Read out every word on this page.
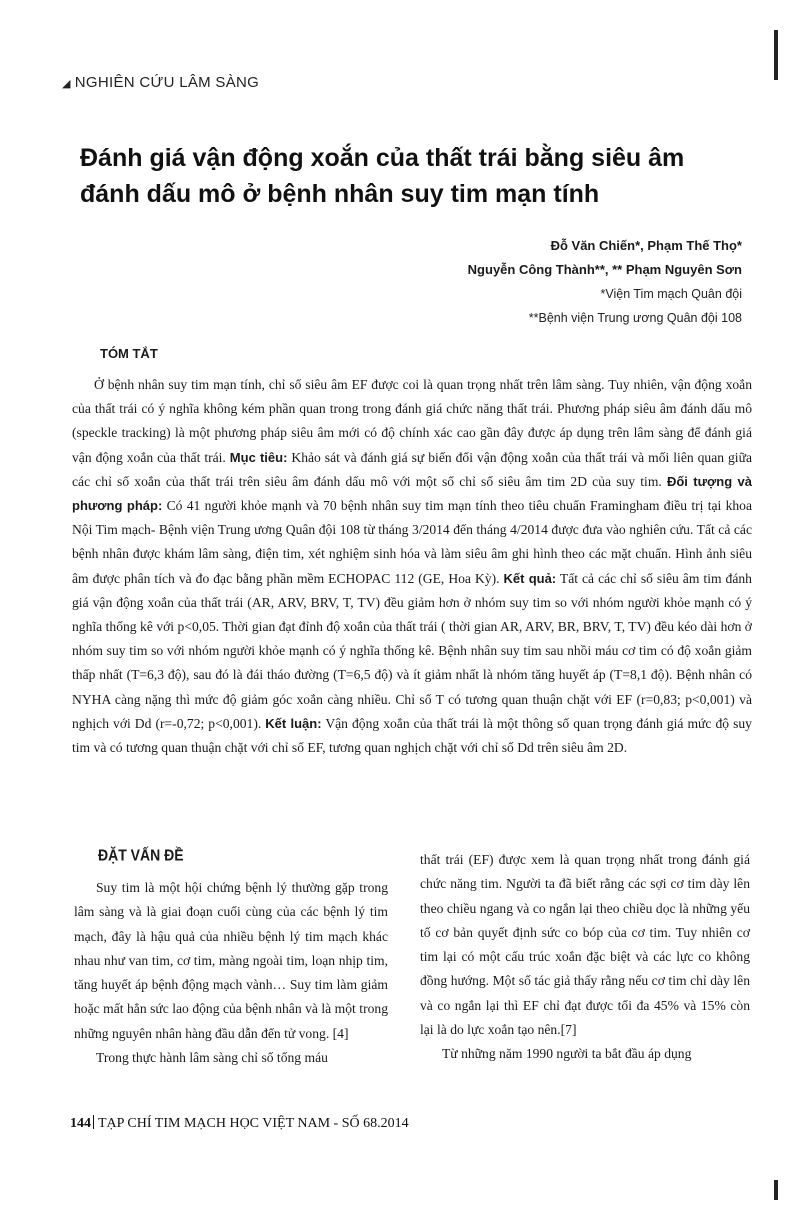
◢ NGHIÊN CỨU LÂM SÀNG
Đánh giá vận động xoắn của thất trái bằng siêu âm đánh dấu mô ở bệnh nhân suy tim mạn tính
Đỗ Văn Chiến*, Phạm Thế Thọ*
Nguyễn Công Thành**, ** Phạm Nguyên Sơn
*Viện Tim mạch Quân đội
**Bệnh viện Trung ương Quân đội 108
TÓM TẮT
Ở bệnh nhân suy tim mạn tính, chỉ số siêu âm EF được coi là quan trọng nhất trên lâm sàng. Tuy nhiên, vận động xoắn của thất trái có ý nghĩa không kém phần quan trong trong đánh giá chức năng thất trái. Phương pháp siêu âm đánh dấu mô (speckle tracking) là một phương pháp siêu âm mới có độ chính xác cao gần đây được áp dụng trên lâm sàng để đánh giá vận động xoắn của thất trái. Mục tiêu: Khảo sát và đánh giá sự biến đổi vận động xoắn của thất trái và mối liên quan giữa các chỉ số xoắn của thất trái trên siêu âm đánh dấu mô với một số chỉ số siêu âm tim 2D của suy tim. Đối tượng và phương pháp: Có 41 người khỏe mạnh và 70 bệnh nhân suy tim mạn tính theo tiêu chuẩn Framingham điều trị tại khoa Nội Tim mạch- Bệnh viện Trung ương Quân đội 108 từ tháng 3/2014 đến tháng 4/2014 được đưa vào nghiên cứu. Tất cả các bệnh nhân được khám lâm sàng, điện tim, xét nghiệm sinh hóa và làm siêu âm ghi hình theo các mặt chuẩn. Hình ảnh siêu âm được phân tích và đo đạc bằng phần mềm ECHOPAC 112 (GE, Hoa Kỳ). Kết quả: Tất cả các chỉ số siêu âm tim đánh giá vận động xoắn của thất trái (AR, ARV, BRV, T, TV) đều giảm hơn ở nhóm suy tim so với nhóm người khỏe mạnh có ý nghĩa thống kê với p<0,05. Thời gian đạt đỉnh độ xoắn của thất trái ( thời gian AR, ARV, BR, BRV, T, TV) đều kéo dài hơn ở nhóm suy tim so với nhóm người khỏe mạnh có ý nghĩa thống kê. Bệnh nhân suy tim sau nhồi máu cơ tim có độ xoắn giảm thấp nhất (T=6,3 độ), sau đó là đái tháo đường (T=6,5 độ) và ít giảm nhất là nhóm tăng huyết áp (T=8,1 độ). Bệnh nhân có NYHA càng nặng thì mức độ giảm góc xoắn càng nhiều. Chỉ số T có tương quan thuận chặt với EF (r=0,83; p<0,001) và nghịch với Dd (r=-0,72; p<0,001). Kết luận: Vận động xoắn của thất trái là một thông số quan trọng đánh giá mức độ suy tim và có tương quan thuận chặt với chỉ số EF, tương quan nghịch chặt với chỉ số Dd trên siêu âm 2D.
ĐẶT VẤN ĐỀ

Suy tim là một hội chứng bệnh lý thường gặp trong lâm sàng và là giai đoạn cuối cùng của các bệnh lý tim mạch, đây là hậu quả của nhiều bệnh lý tim mạch khác nhau như van tim, cơ tim, màng ngoài tim, loạn nhịp tim, tăng huyết áp bệnh động mạch vành… Suy tim làm giảm hoặc mất hẳn sức lao động của bệnh nhân và là một trong những nguyên nhân hàng đầu dẫn đến tử vong. [4]

Trong thực hành lâm sàng chỉ số tống máu

thất trái (EF) được xem là quan trọng nhất trong đánh giá chức năng tim. Người ta đã biết rằng các sợi cơ tim dày lên theo chiều ngang và co ngắn lại theo chiều dọc là những yếu tố cơ bản quyết định sức co bóp của cơ tim. Tuy nhiên cơ tim lại có một cấu trúc xoắn đặc biệt và các lực co không đồng hướng. Một số tác giả thấy rằng nếu cơ tim chỉ dày lên và co ngắn lại thì EF chỉ đạt được tối đa 45% và 15% còn lại là do lực xoắn tạo nên.[7]

Từ những năm 1990 người ta bắt đầu áp dụng

144 TẠP CHÍ TIM MẠCH HỌC VIỆT NAM - SỐ 68.2014
